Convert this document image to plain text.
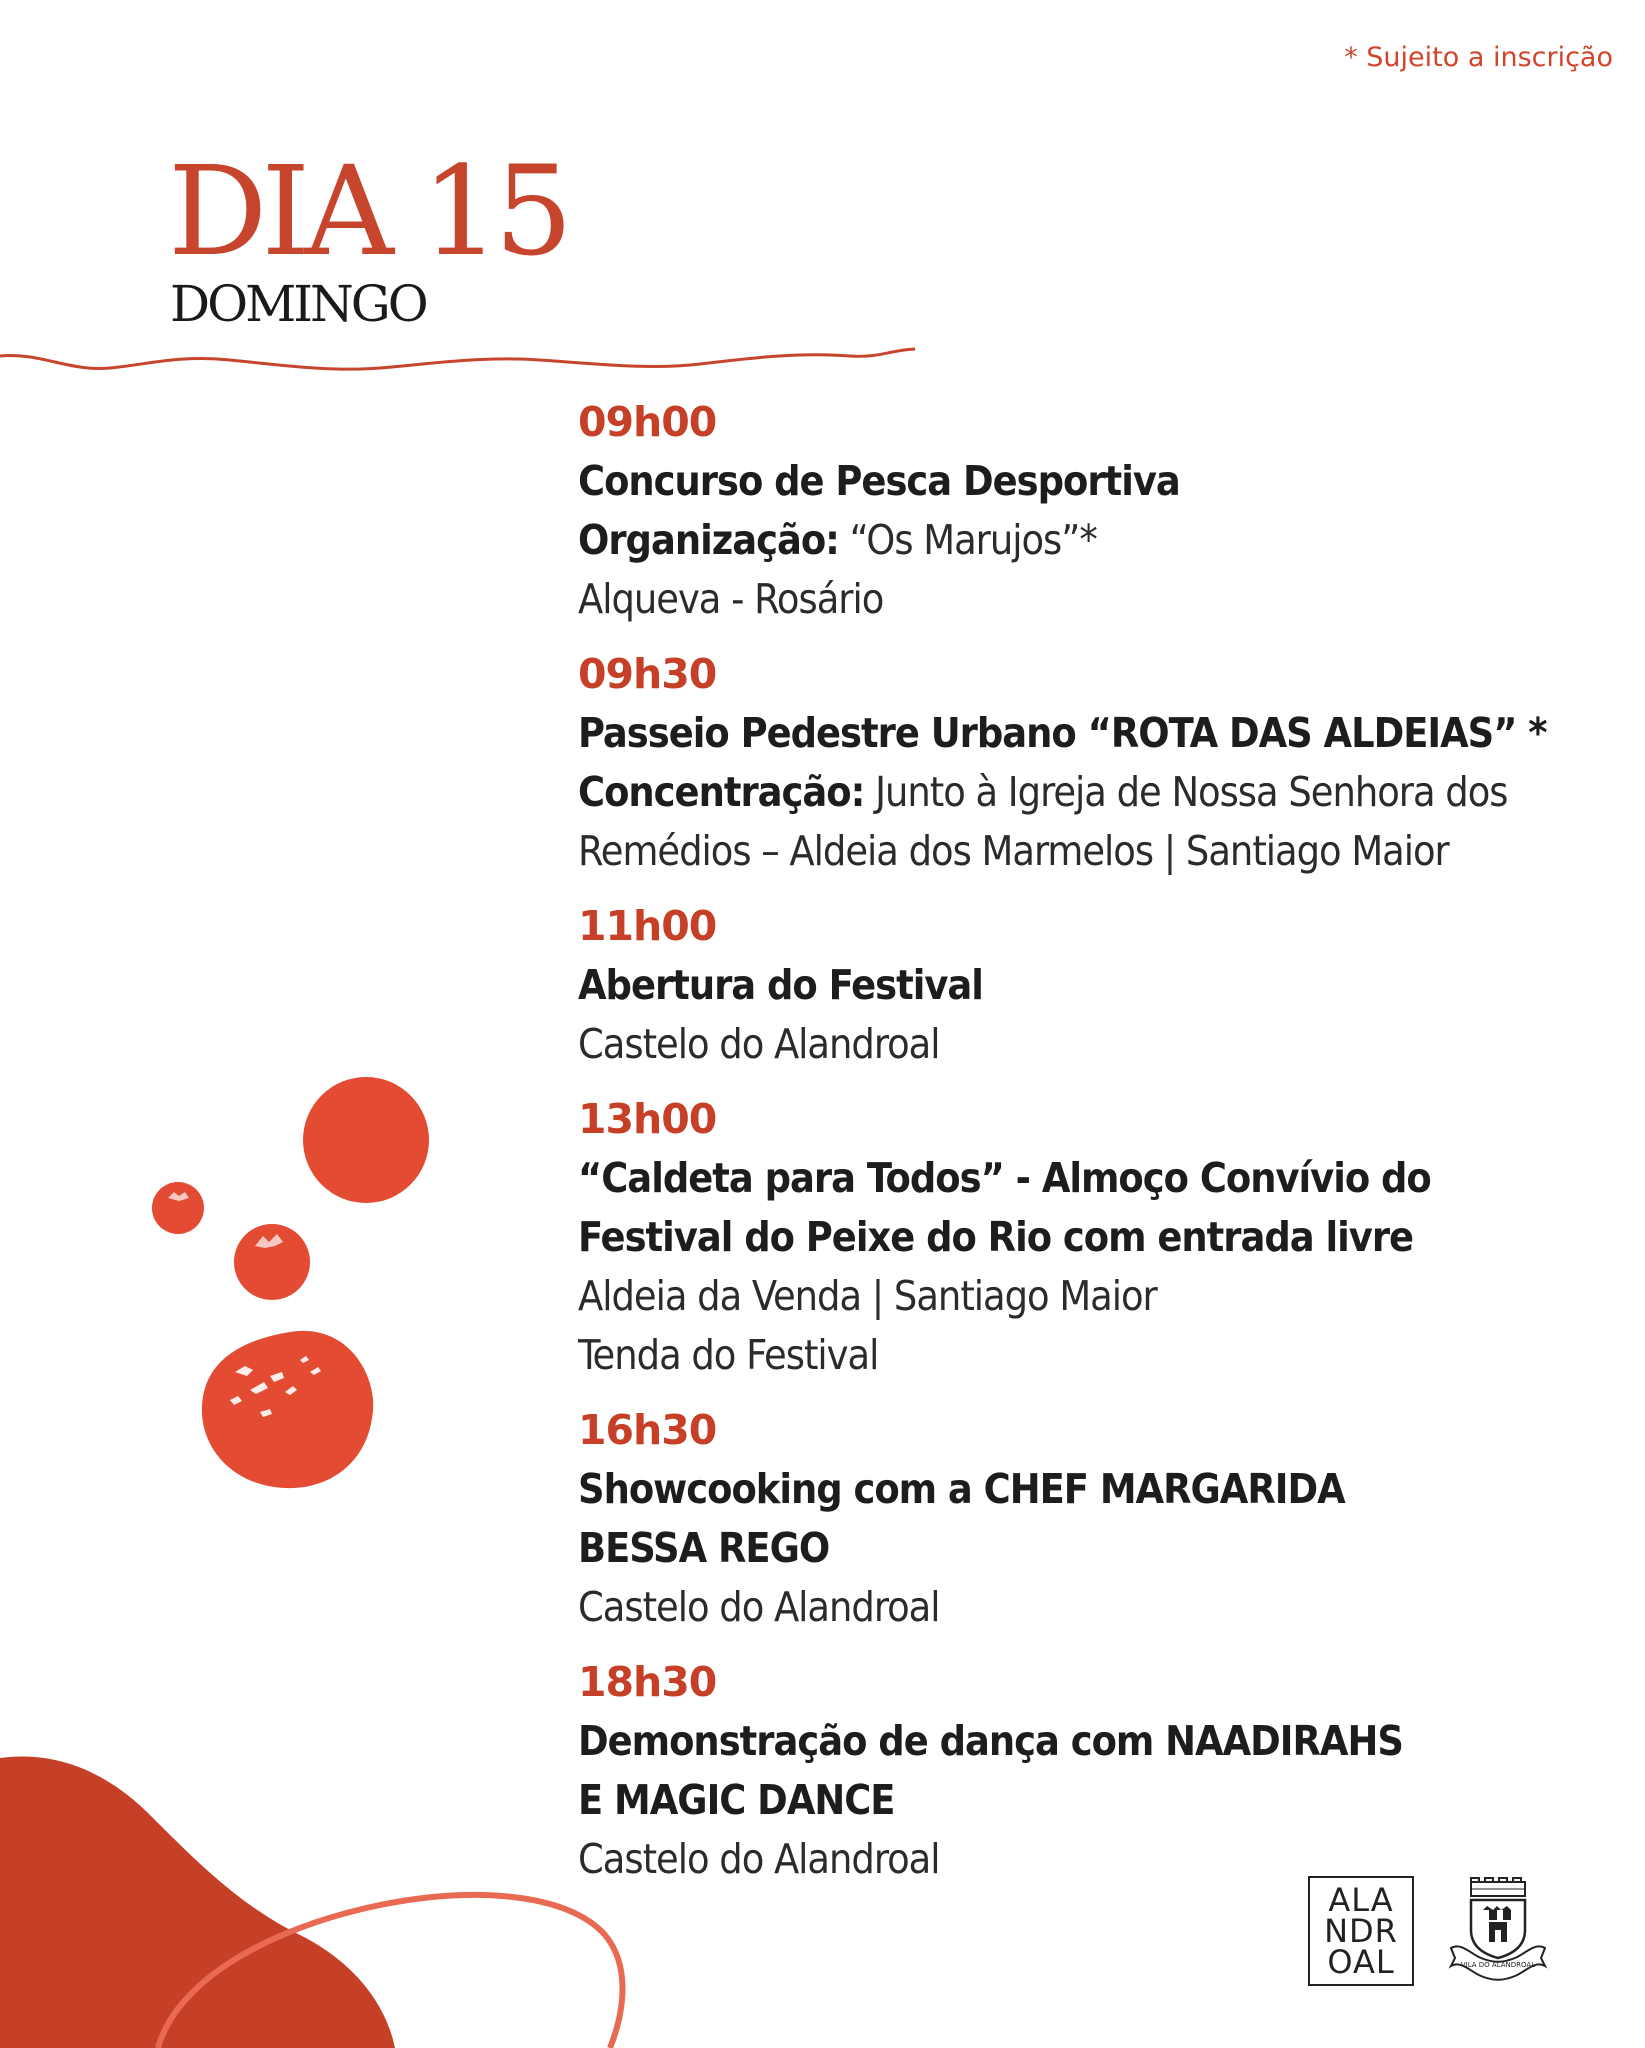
* Sujeito a inscrição
DIA 15
DOMINGO
09h00
Concurso de Pesca Desportiva
Organização: “Os Marujos”*
Alqueva - Rosário
09h30
Passeio Pedestre Urbano “ROTA DAS ALDEIAS” *
Concentração: Junto à Igreja de Nossa Senhora dos
Remédios – Aldeia dos Marmelos | Santiago Maior
11h00
Abertura do Festival
Castelo do Alandroal
13h00
“Caldeta para Todos” - Almoço Convívio do
Festival do Peixe do Rio com entrada livre
Aldeia da Venda | Santiago Maior
Tenda do Festival
16h30
Showcooking com a CHEF MARGARIDA
BESSA REGO
Castelo do Alandroal
18h30
Demonstração de dança com NAADIRAHS
E MAGIC DANCE
Castelo do Alandroal
ALA
NDR
OAL	VILA DO ALANDROAL
